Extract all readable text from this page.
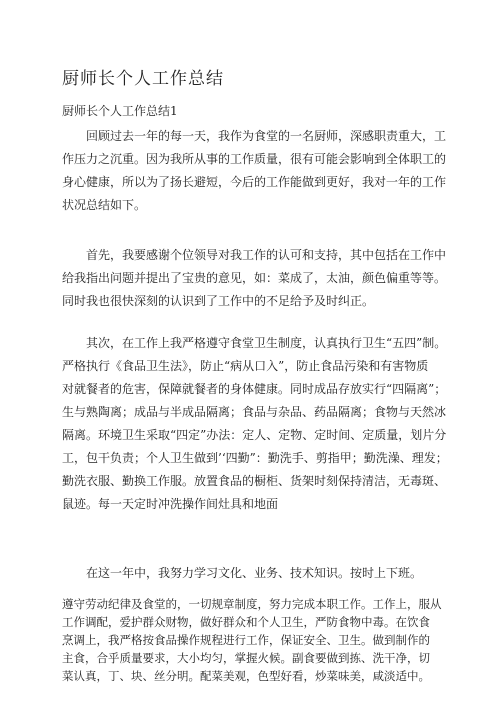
厨师长个人工作总结
厨师长个人工作总结1
　　回顾过去一年的每一天，我作为食堂的一名厨师，深感职责重大，工
作压力之沉重。因为我所从事的工作质量，很有可能会影响到全体职工的
身心健康，所以为了扬长避短，今后的工作能做到更好，我对一年的工作
状况总结如下。
　　首先，我要感谢个位领导对我工作的认可和支持，其中包括在工作中
给我指出问题并提出了宝贵的意见，如：菜成了，太油，颜色偏重等等。
同时我也很快深刻的认识到了工作中的不足给予及时纠正。
　　其次，在工作上我严格遵守食堂卫生制度，认真执行卫生“五四”制。
严格执行《食品卫生法》，防止“病从口入”，防止食品污染和有害物质
对就餐者的危害，保障就餐者的身体健康。同时成品存放实行“四隔离”；
生与熟陶离；成品与半成品隔离；食品与杂品、药品隔离；食物与天然冰
隔离。环境卫生采取“四定”办法：定人、定物、定时间、定质量，划片分
工，包干负责；个人卫生做到’‘四勤”：勤洗手、剪指甲；勤洗澡、理发；
勤洗衣服、勤换工作服。放置食品的橱柜、货架时刻保持清洁，无毒斑、
鼠迹。每一天定时冲洗操作间灶具和地面
　　在这一年中，我努力学习文化、业务、技术知识。按时上下班。
遵守劳动纪律及食堂的，一切规章制度，努力完成本职工作。工作上，服从
工作调配，爱护群众财物，做好群众和个人卫生，严防食物中毒。在饮食
烹调上，我严格按食品操作规程进行工作，保证安全、卫生。做到制作的
主食，合乎质量要求，大小均匀，掌握火候。副食要做到拣、洗干净，切
菜认真，丁、块、丝分明。配菜美观，色型好看，炒菜味美，咸淡适中。
